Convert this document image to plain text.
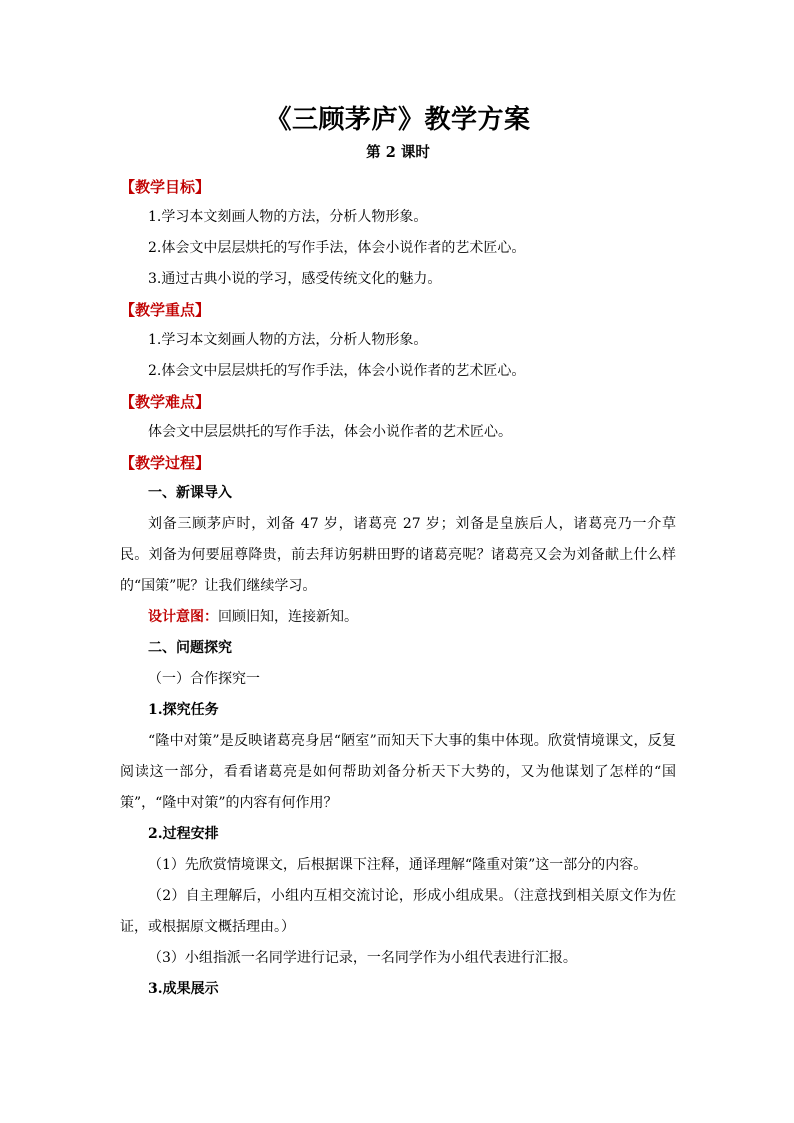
《三顾茅庐》教学方案
第 2 课时
【教学目标】

1.学习本文刻画人物的方法，分析人物形象。

2.体会文中层层烘托的写作手法，体会小说作者的艺术匠心。

3.通过古典小说的学习，感受传统文化的魅力。

【教学重点】

1.学习本文刻画人物的方法，分析人物形象。

2.体会文中层层烘托的写作手法，体会小说作者的艺术匠心。

【教学难点】

体会文中层层烘托的写作手法，体会小说作者的艺术匠心。

【教学过程】

一、新课导入

刘备三顾茅庐时，刘备 47 岁，诸葛亮 27 岁；刘备是皇族后人，诸葛亮乃一介草民。刘备为何要屈尊降贵，前去拜访躬耕田野的诸葛亮呢？诸葛亮又会为刘备献上什么样的“国策”呢？让我们继续学习。

设计意图：回顾旧知，连接新知。

二、问题探究

（一）合作探究一

1.探究任务

“隆中对策”是反映诸葛亮身居“陋室”而知天下大事的集中体现。欣赏情境课文，反复阅读这一部分，看看诸葛亮是如何帮助刘备分析天下大势的，又为他谋划了怎样的“国策”，“隆中对策”的内容有何作用？

2.过程安排

（1）先欣赏情境课文，后根据课下注释，通译理解“隆重对策”这一部分的内容。

（2）自主理解后，小组内互相交流讨论，形成小组成果。（注意找到相关原文作为佐证，或根据原文概括理由。）

（3）小组指派一名同学进行记录，一名同学作为小组代表进行汇报。

3.成果展示
